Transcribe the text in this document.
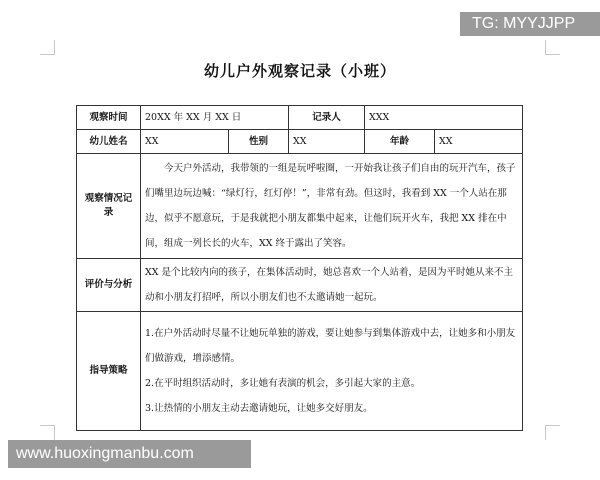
幼儿户外观察记录（小班）
观察时间	20XX 年 XX 月 XX 日		记录人	XXX	
幼儿姓名	XX	性别	XX	年龄	XX
观察情况记录	今天户外活动，我带领的一组是玩呼啦圈，一开始我让孩子们自由的玩开汽车，孩子们嘴里边玩边喊：“绿灯行，红灯停！”，非常有劲。但这时，我看到 XX 一个人站在那边，似乎不愿意玩，于是我就把小朋友都集中起来，让他们玩开火车，我把 XX 排在中间，组成一列长长的火车，XX 终于露出了笑容。				

评价与分析	XX 是个比较内向的孩子，在集体活动时，她总喜欢一个人站着，是因为平时她从来不主动和小朋友打招呼，所以小朋友们也不太邀请她一起玩。				

指导策略	1.在户外活动时尽量不让她玩单独的游戏，要让她参与到集体游戏中去，让她多和小朋友们做游戏，增添感情。

2.在平时组织活动时，多让她有表演的机会，多引起大家的主意。

3.让热情的小朋友主动去邀请她玩，让她多交好朋友。				

TG: MYYJJPP
www.huoxingmanbu.com
